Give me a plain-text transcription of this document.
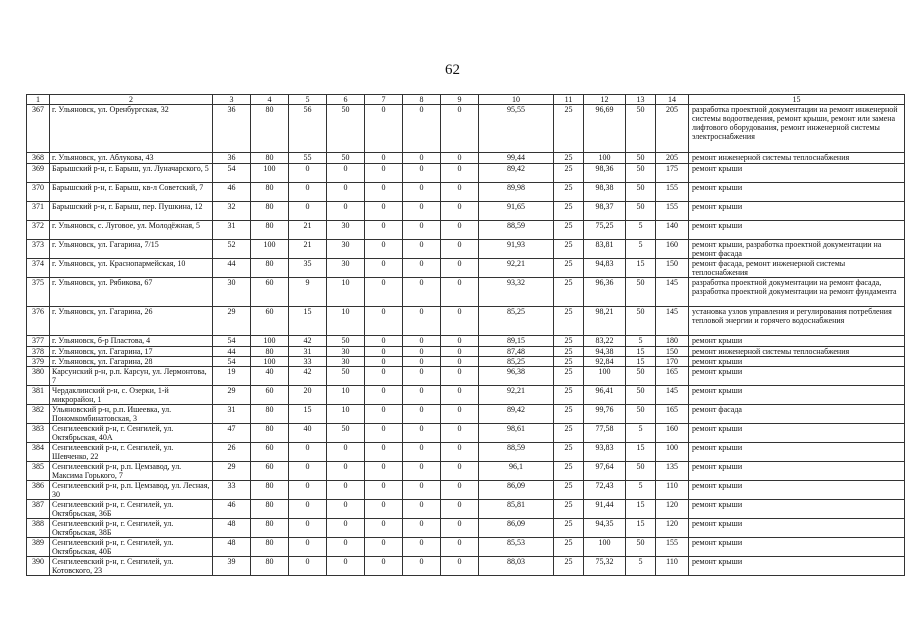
62
1	2	3	4	5	6	7	8	9	10	11	12	13	14	15
367	г. Ульяновск, ул. Оренбургская, 32	36	80	56	50	0	0	0	95,55	25	96,69	50	205	разработка проектной документации на ремонт инженерной системы водоотведения, ремонт крыши, ремонт или замена лифтового оборудования, ремонт инженерной системы электроснабжения
368	г. Ульяновск, ул. Аблукова, 43	36	80	55	50	0	0	0	99,44	25	100	50	205	ремонт инженерной системы теплоснабжения
369	Барышский р-н, г. Барыш, ул. Луначарского, 5	54	100	0	0	0	0	0	89,42	25	98,36	50	175	ремонт крыши
370	Барышский р-н, г. Барыш, кв-л Советский, 7	46	80	0	0	0	0	0	89,98	25	98,38	50	155	ремонт крыши
371	Барышский р-н, г. Барыш, пер. Пушкина, 12	32	80	0	0	0	0	0	91,65	25	98,37	50	155	ремонт крыши
372	г. Ульяновск, с. Луговое, ул. Молодёжная, 5	31	80	21	30	0	0	0	88,59	25	75,25	5	140	ремонт крыши
373	г. Ульяновск, ул. Гагарина, 7/15	52	100	21	30	0	0	0	91,93	25	83,81	5	160	ремонт крыши, разработка проектной документации на ремонт фасада
374	г. Ульяновск, ул. Краснопармейская, 10	44	80	35	30	0	0	0	92,21	25	94,83	15	150	ремонт фасада, ремонт инженерной системы теплоснабжения
375	г. Ульяновск, ул. Рябикова, 67	30	60	9	10	0	0	0	93,32	25	96,36	50	145	разработка проектной документации на ремонт фасада, разработка проектной документации на ремонт фундамента
376	г. Ульяновск, ул. Гагарина, 26	29	60	15	10	0	0	0	85,25	25	98,21	50	145	установка узлов управления и регулирования потребления тепловой энергии и горячего водоснабжения
377	г. Ульяновск, б-р Пластова, 4	54	100	42	50	0	0	0	89,15	25	83,22	5	180	ремонт крыши
378	г. Ульяновск, ул. Гагарина, 17	44	80	31	30	0	0	0	87,48	25	94,38	15	150	ремонт инженерной системы теплоснабжения
379	г. Ульяновск, ул. Гагарина, 28	54	100	33	30	0	0	0	85,25	25	92,84	15	170	ремонт крыши
380	Карсунский р-н, р.п. Карсун, ул. Лермонтова, 7	19	40	42	50	0	0	0	96,38	25	100	50	165	ремонт крыши
381	Чердаклинский р-н, с. Озерки, 1-й микрорайон, 1	29	60	20	10	0	0	0	92,21	25	96,41	50	145	ремонт крыши
382	Ульяновский р-н, р.п. Ишеевка, ул. Пономкомбинатовская, 3	31	80	15	10	0	0	0	89,42	25	99,76	50	165	ремонт фасада
383	Сенгилеевский р-н, г. Сенгилей, ул. Октябрьская, 40А	47	80	40	50	0	0	0	98,61	25	77,58	5	160	ремонт крыши
384	Сенгилеевский р-н, г. Сенгилей, ул. Шевченко, 22	26	60	0	0	0	0	0	88,59	25	93,83	15	100	ремонт крыши
385	Сенгилеевский р-н, р.п. Цемзавод, ул. Максима Горького, 7	29	60	0	0	0	0	0	96,1	25	97,64	50	135	ремонт крыши
386	Сенгилеевский р-н, р.п. Цемзавод, ул. Лесная, 30	33	80	0	0	0	0	0	86,09	25	72,43	5	110	ремонт крыши
387	Сенгилеевский р-н, г. Сенгилей, ул. Октябрьская, 36Б	46	80	0	0	0	0	0	85,81	25	91,44	15	120	ремонт крыши
388	Сенгилеевский р-н, г. Сенгилей, ул. Октябрьская, 38Б	48	80	0	0	0	0	0	86,09	25	94,35	15	120	ремонт крыши
389	Сенгилеевский р-н, г. Сенгилей, ул. Октябрьская, 40Б	48	80	0	0	0	0	0	85,53	25	100	50	155	ремонт крыши
390	Сенгилеевский р-н, г. Сенгилей, ул. Котовского, 23	39	80	0	0	0	0	0	88,03	25	75,32	5	110	ремонт крыши
